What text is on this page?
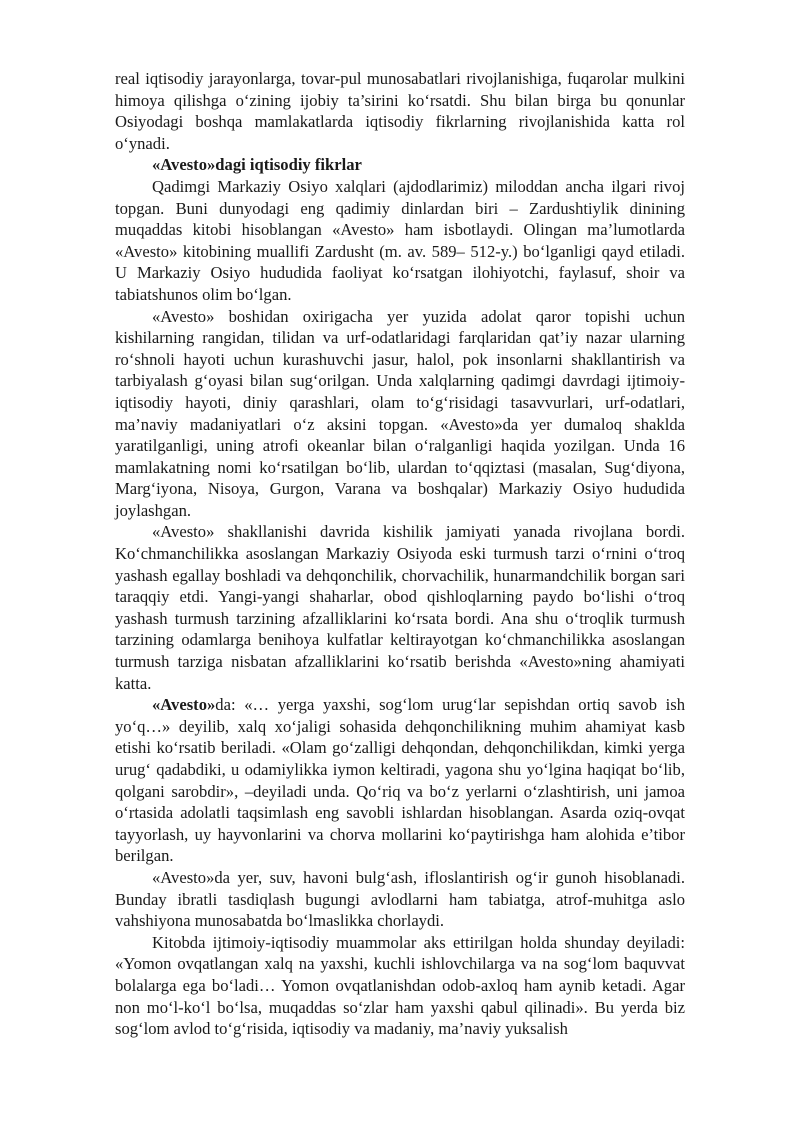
real iqtisodiy jarayonlarga, tovar-pul munosabatlari rivojlanishiga, fuqarolar mulkini himoya qilishga o‘zining ijobiy ta’sirini ko‘rsatdi. Shu bilan birga bu qonunlar Osiyodagi boshqa mamlakatlarda iqtisodiy fikrlarning rivojlanishida katta rol o‘ynadi.

«Avesto»dagi iqtisodiy fikrlar

Qadimgi Markaziy Osiyo xalqlari (ajdodlarimiz) miloddan ancha ilgari rivoj topgan. Buni dunyodagi eng qadimiy dinlardan biri – Zardushtiylik dinining muqaddas kitobi hisoblangan «Avesto» ham isbotlaydi. Olingan ma’lumotlarda «Avesto» kitobining muallifi Zardusht (m. av. 589– 512-y.) bo‘lganligi qayd etiladi. U Markaziy Osiyo hududida faoliyat ko‘rsatgan ilohiyotchi, faylasuf, shoir va tabiatshunos olim bo‘lgan.

«Avesto» boshidan oxirigacha yer yuzida adolat qaror topishi uchun kishilarning rangidan, tilidan va urf-odatlaridagi farqlaridan qat’iy nazar ularning ro‘shnoli hayoti uchun kurashuvchi jasur, halol, pok insonlarni shakllantirish va tarbiyalash g‘oyasi bilan sug‘orilgan. Unda xalqlarning qadimgi davrdagi ijtimoiy-iqtisodiy hayoti, diniy qarashlari, olam to‘g‘risidagi tasavvurlari, urf-odatlari, ma’naviy madaniyatlari o‘z aksini topgan. «Avesto»da yer dumaloq shaklda yaratilganligi, uning atrofi okeanlar bilan o‘ralganligi haqida yozilgan. Unda 16 mamlakatning nomi ko‘rsatilgan bo‘lib, ulardan to‘qqiztasi (masalan, Sug‘diyona, Marg‘iyona, Nisoya, Gurgon, Varana va boshqalar) Markaziy Osiyo hududida joylashgan.

«Avesto» shakllanishi davrida kishilik jamiyati yanada rivojlana bordi. Ko‘chmanchilikka asoslangan Markaziy Osiyoda eski turmush tarzi o‘rnini o‘troq yashash egallay boshladi va dehqonchilik, chorvachilik, hunarmandchilik borgan sari taraqqiy etdi. Yangi-yangi shaharlar, obod qishloqlarning paydo bo‘lishi o‘troq yashash turmush tarzining afzalliklarini ko‘rsata bordi. Ana shu o‘troqlik turmush tarzining odamlarga benihoya kulfatlar keltirayotgan ko‘chmanchilikka asoslangan turmush tarziga nisbatan afzalliklarini ko‘rsatib berishda «Avesto»ning ahamiyati katta.

«Avesto»da: «… yerga yaxshi, sog‘lom urug‘lar sepishdan ortiq savob ish yo‘q…» deyilib, xalq xo‘jaligi sohasida dehqonchilikning muhim ahamiyat kasb etishi ko‘rsatib beriladi. «Olam go‘zalligi dehqondan, dehqonchilikdan, kimki yerga urug‘ qadabdiki, u odamiylikka iymon keltiradi, yagona shu yo‘lgina haqiqat bo‘lib, qolgani sarobdir», –deyiladi unda. Qo‘riq va bo‘z yerlarni o‘zlashtirish, uni jamoa o‘rtasida adolatli taqsimlash eng savobli ishlardan hisoblangan. Asarda oziq-ovqat tayyorlash, uy hayvonlarini va chorva mollarini ko‘paytirishga ham alohida e’tibor berilgan.

«Avesto»da yer, suv, havoni bulg‘ash, ifloslantirish og‘ir gunoh hisoblanadi. Bunday ibratli tasdiqlash bugungi avlodlarni ham tabiatga, atrof-muhitga aslo vahshiyona munosabatda bo‘lmaslikka chorlaydi.

Kitobda ijtimoiy-iqtisodiy muammolar aks ettirilgan holda shunday deyiladi: «Yomon ovqatlangan xalq na yaxshi, kuchli ishlovchilarga va na sog‘lom baquvvat bolalarga ega bo‘ladi… Yomon ovqatlanishdan odob-axloq ham aynib ketadi. Agar non mo‘l-ko‘l bo‘lsa, muqaddas so‘zlar ham yaxshi qabul qilinadi». Bu yerda biz sog‘lom avlod to‘g‘risida, iqtisodiy va madaniy, ma’naviy yuksalish
